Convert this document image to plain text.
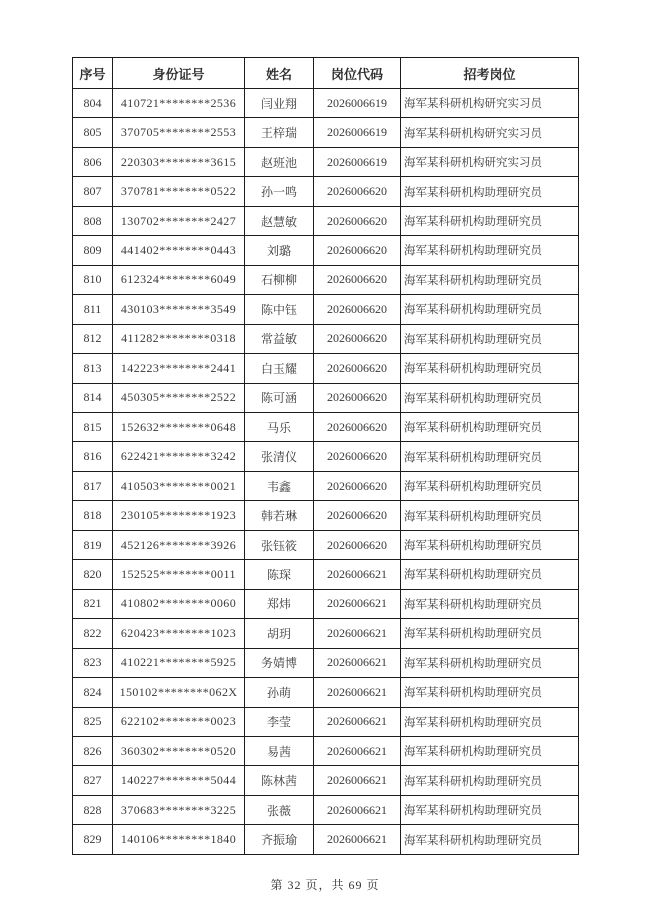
序号	身份证号	姓名	岗位代码	招考岗位
804	410721********2536	闫业翔	2026006619	海军某科研机构研究实习员
805	370705********2553	王梓瑞	2026006619	海军某科研机构研究实习员
806	220303********3615	赵班池	2026006619	海军某科研机构研究实习员
807	370781********0522	孙一鸣	2026006620	海军某科研机构助理研究员
808	130702********2427	赵慧敏	2026006620	海军某科研机构助理研究员
809	441402********0443	刘璐	2026006620	海军某科研机构助理研究员
810	612324********6049	石柳柳	2026006620	海军某科研机构助理研究员
811	430103********3549	陈中钰	2026006620	海军某科研机构助理研究员
812	411282********0318	常益敏	2026006620	海军某科研机构助理研究员
813	142223********2441	白玉耀	2026006620	海军某科研机构助理研究员
814	450305********2522	陈可涵	2026006620	海军某科研机构助理研究员
815	152632********0648	马乐	2026006620	海军某科研机构助理研究员
816	622421********3242	张清仪	2026006620	海军某科研机构助理研究员
817	410503********0021	韦鑫	2026006620	海军某科研机构助理研究员
818	230105********1923	韩若琳	2026006620	海军某科研机构助理研究员
819	452126********3926	张钰筱	2026006620	海军某科研机构助理研究员
820	152525********0011	陈琛	2026006621	海军某科研机构助理研究员
821	410802********0060	郑炜	2026006621	海军某科研机构助理研究员
822	620423********1023	胡玥	2026006621	海军某科研机构助理研究员
823	410221********5925	务婧博	2026006621	海军某科研机构助理研究员
824	150102********062X	孙萌	2026006621	海军某科研机构助理研究员
825	622102********0023	李莹	2026006621	海军某科研机构助理研究员
826	360302********0520	易茜	2026006621	海军某科研机构助理研究员
827	140227********5044	陈林茜	2026006621	海军某科研机构助理研究员
828	370683********3225	张薇	2026006621	海军某科研机构助理研究员
829	140106********1840	齐振瑜	2026006621	海军某科研机构助理研究员
第 32 页，共 69 页
